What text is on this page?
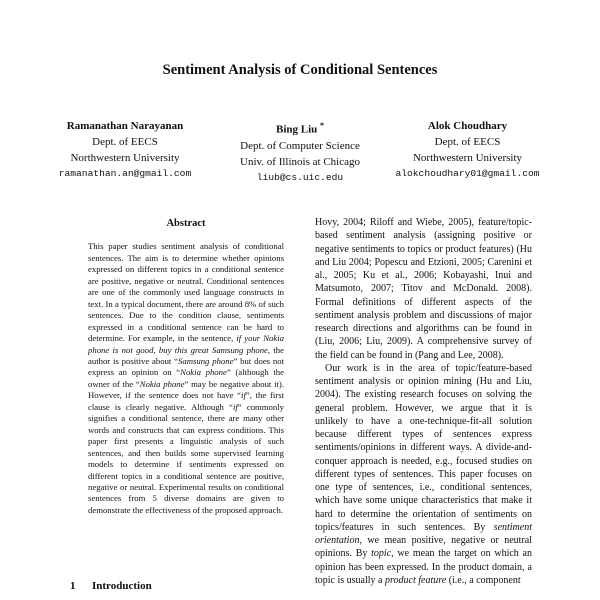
Sentiment Analysis of Conditional Sentences
Ramanathan Narayanan
Dept. of EECS
Northwestern University
ramanathan.an@gmail.com
Bing Liu *
Dept. of Computer Science
Univ. of Illinois at Chicago
liub@cs.uic.edu
Alok Choudhary
Dept. of EECS
Northwestern University
alokchoudhary01@gmail.com
Abstract
This paper studies sentiment analysis of conditional sentences. The aim is to determine whether opinions expressed on different topics in a conditional sentence are positive, negative or neutral. Conditional sentences are one of the commonly used language constructs in text. In a typical document, there are around 8% of such sentences. Due to the condition clause, sentiments expressed in a conditional sentence can be hard to determine. For example, in the sentence, if your Nokia phone is not good, buy this great Samsung phone, the author is positive about “Samsung phone” but does not express an opinion on “Nokia phone” (although the owner of the “Nokia phone” may be negative about it). However, if the sentence does not have “if”, the first clause is clearly negative. Although “if” commonly signifies a conditional sentence, there are many other words and constructs that can express conditions. This paper first presents a linguistic analysis of such sentences, and then builds some supervised learning models to determine if sentiments expressed on different topics in a conditional sentence are positive, negative or neutral. Experimental results on conditional sentences from 5 diverse domains are given to demonstrate the effectiveness of the proposed approach.
1 Introduction

Hovy, 2004; Riloff and Wiebe, 2005), feature/topic-based sentiment analysis (assigning positive or negative sentiments to topics or product features) (Hu and Liu 2004; Popescu and Etzioni, 2005; Carenini et al., 2005; Ku et al., 2006; Kobayashi, Inui and Matsumoto, 2007; Titov and McDonald. 2008). Formal definitions of different aspects of the sentiment analysis problem and discussions of major research directions and algorithms can be found in (Liu, 2006; Liu, 2009). A comprehensive survey of the field can be found in (Pang and Lee, 2008).

Our work is in the area of topic/feature-based sentiment analysis or opinion mining (Hu and Liu, 2004). The existing research focuses on solving the general problem. However, we argue that it is unlikely to have a one-technique-fit-all solution because different types of sentences express sentiments/opinions in different ways. A divide-and-conquer approach is needed, e.g., focused studies on different types of sentences. This paper focuses on one type of sentences, i.e., conditional sentences, which have some unique characteristics that make it hard to determine the orientation of sentiments on topics/features in such sentences. By sentiment orientation, we mean positive, negative or neutral opinions. By topic, we mean the target on which an opinion has been expressed. In the product domain, a topic is usually a product feature (i.e., a component
